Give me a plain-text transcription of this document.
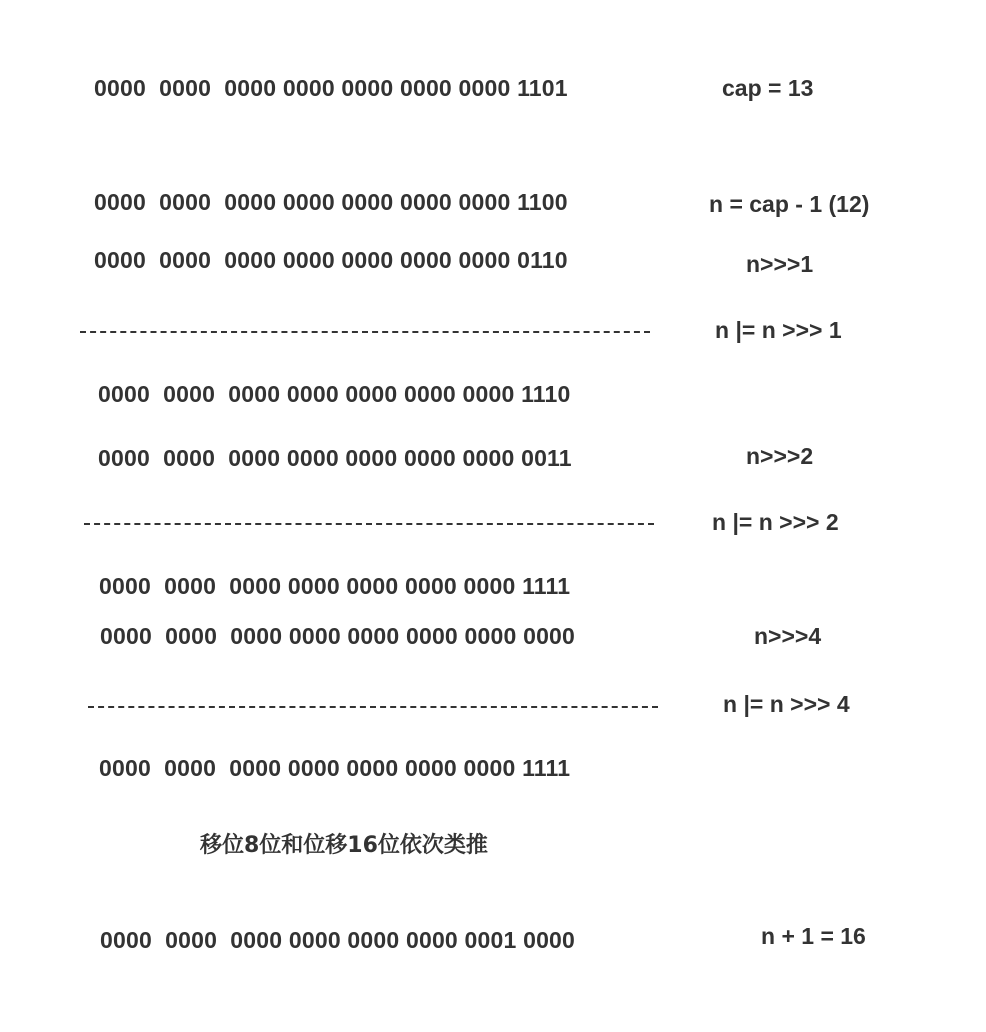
0000  0000  0000 0000 0000 0000 0000 1101	cap = 13
0000  0000  0000 0000 0000 0000 0000 1100	n = cap - 1 (12)
0000  0000  0000 0000 0000 0000 0000 0110	n>>>1
n |= n >>> 1
0000  0000  0000 0000 0000 0000 0000 1110
0000  0000  0000 0000 0000 0000 0000 0011	n>>>2
n |= n >>> 2
0000  0000  0000 0000 0000 0000 0000 1111
0000  0000  0000 0000 0000 0000 0000 0000	n>>>4
n |= n >>> 4
0000  0000  0000 0000 0000 0000 0000 1111
移位8位和位移16位依次类推
0000  0000  0000 0000 0000 0000 0001 0000	n + 1 = 16
